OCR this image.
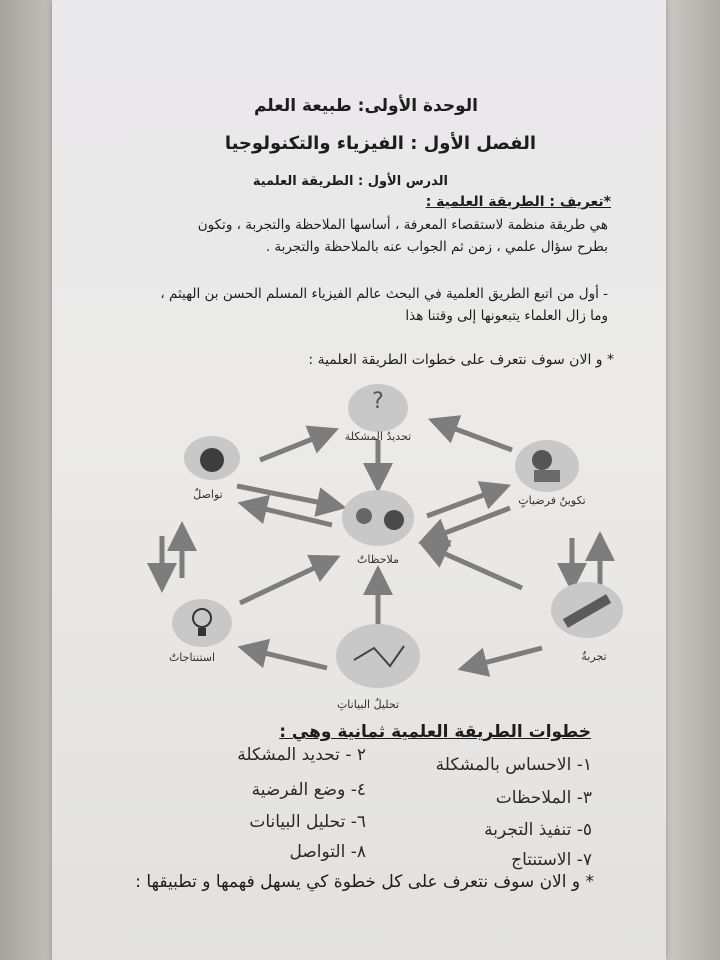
الوحدة الأولى: طبيعة العلم
الفصل الأول : الفيزياء والتكنولوجيا
الدرس الأول : الطريقة العلمية
*تعريف : الطريقة العلمية :
هي طريقة منظمة لاستقصاء المعرفة ، أساسها الملاحظة والتجربة ، وتكون
بطرح سؤال علمي ، زمن ثم الجواب عنه بالملاحظة والتجربة .
- أول من اتبع الطريق العلمية في البحث عالم الفيزياء المسلم الحسن بن الهيثم ،
وما زال العلماء يتبعونها إلى وقتنا هذا
* و الان سوف نتعرف على خطوات الطريقة العلمية :
?
تحديدُ المشكلة
تواصلٌ	تكوينُ فرضياتٍ
ملاحظاتٌ
تجربةٌ
استنتاجاتٌ
تحليلُ البياناتِ
خطوات الطريقة العلمية ثمانية وهي :
١- الاحساس بالمشكلة
٢ - تحديد المشكلة
٣- الملاحظات
٤- وضع الفرضية
٥- تنفيذ التجربة
٦- تحليل البيانات
٧- الاستنتاج
٨- التواصل
* و الان سوف نتعرف على كل خطوة كي يسهل فهمها و تطبيقها :
